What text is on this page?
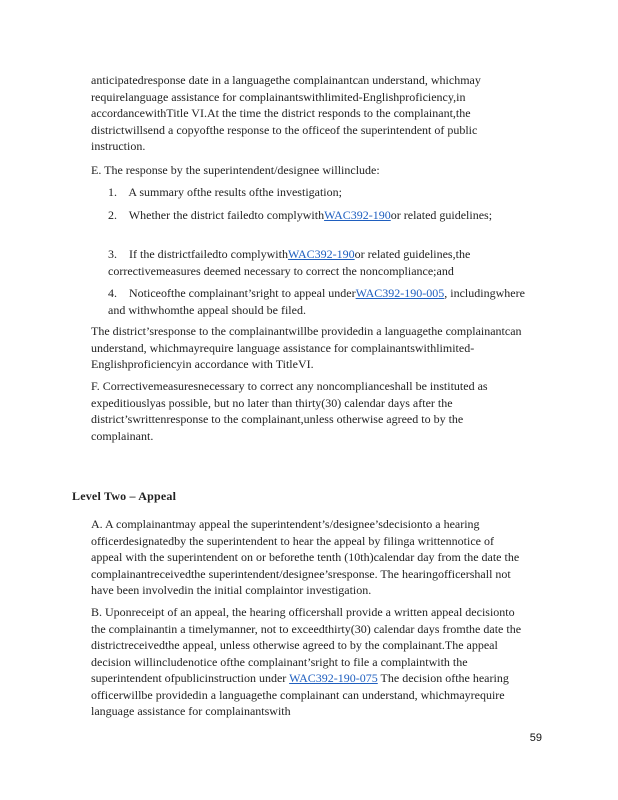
anticipatedresponse date in a languagethe complainantcan understand, whichmay requirelanguage assistance for complainantswithlimited-Englishproficiency,in accordancewithTitle VI.At the time the district responds to the complainant,the districtwillsend a copyofthe response to the officeof the superintendent of public instruction.

E. The response by the superintendent/designee willinclude:

1. A summary ofthe results ofthe investigation;

2. Whether the district failedto complywithWAC392-190or related guidelines;

3. If the districtfailedto complywithWAC392-190or related guidelines,the correctivemeasures deemed necessary to correct the noncompliance;and

4. Noticeofthe complainant’sright to appeal underWAC392-190-005, includingwhere and withwhomthe appeal should be filed.

The district’sresponse to the complainantwillbe providedin a languagethe complainantcan understand, whichmayrequire language assistance for complainantswithlimited-Englishproficiencyin accordance with TitleVI.

F. Correctivemeasuresnecessary to correct any noncomplianceshall be instituted as expeditiouslyas possible, but no later than thirty(30) calendar days after the district’swrittenresponse to the complainant,unless otherwise agreed to by the complainant.

Level Two – Appeal

A. A complainantmay appeal the superintendent’s/designee’sdecisionto a hearing officerdesignatedby the superintendent to hear the appeal by filinga writtennotice of appeal with the superintendent on or beforethe tenth (10th)calendar day from the date the complainantreceivedthe superintendent/designee’sresponse. The hearingofficershall not have been involvedin the initial complaintor investigation.

B. Uponreceipt of an appeal, the hearing officershall provide a written appeal decisionto the complainantin a timelymanner, not to exceedthirty(30) calendar days fromthe date the districtreceivedthe appeal, unless otherwise agreed to by the complainant.The appeal decision willincludenotice ofthe complainant’sright to file a complaintwith the superintendent ofpublicinstruction under WAC392-190-075 The decision ofthe hearing officerwillbe providedin a languagethe complainant can understand, whichmayrequire language assistance for complainantswith

59
